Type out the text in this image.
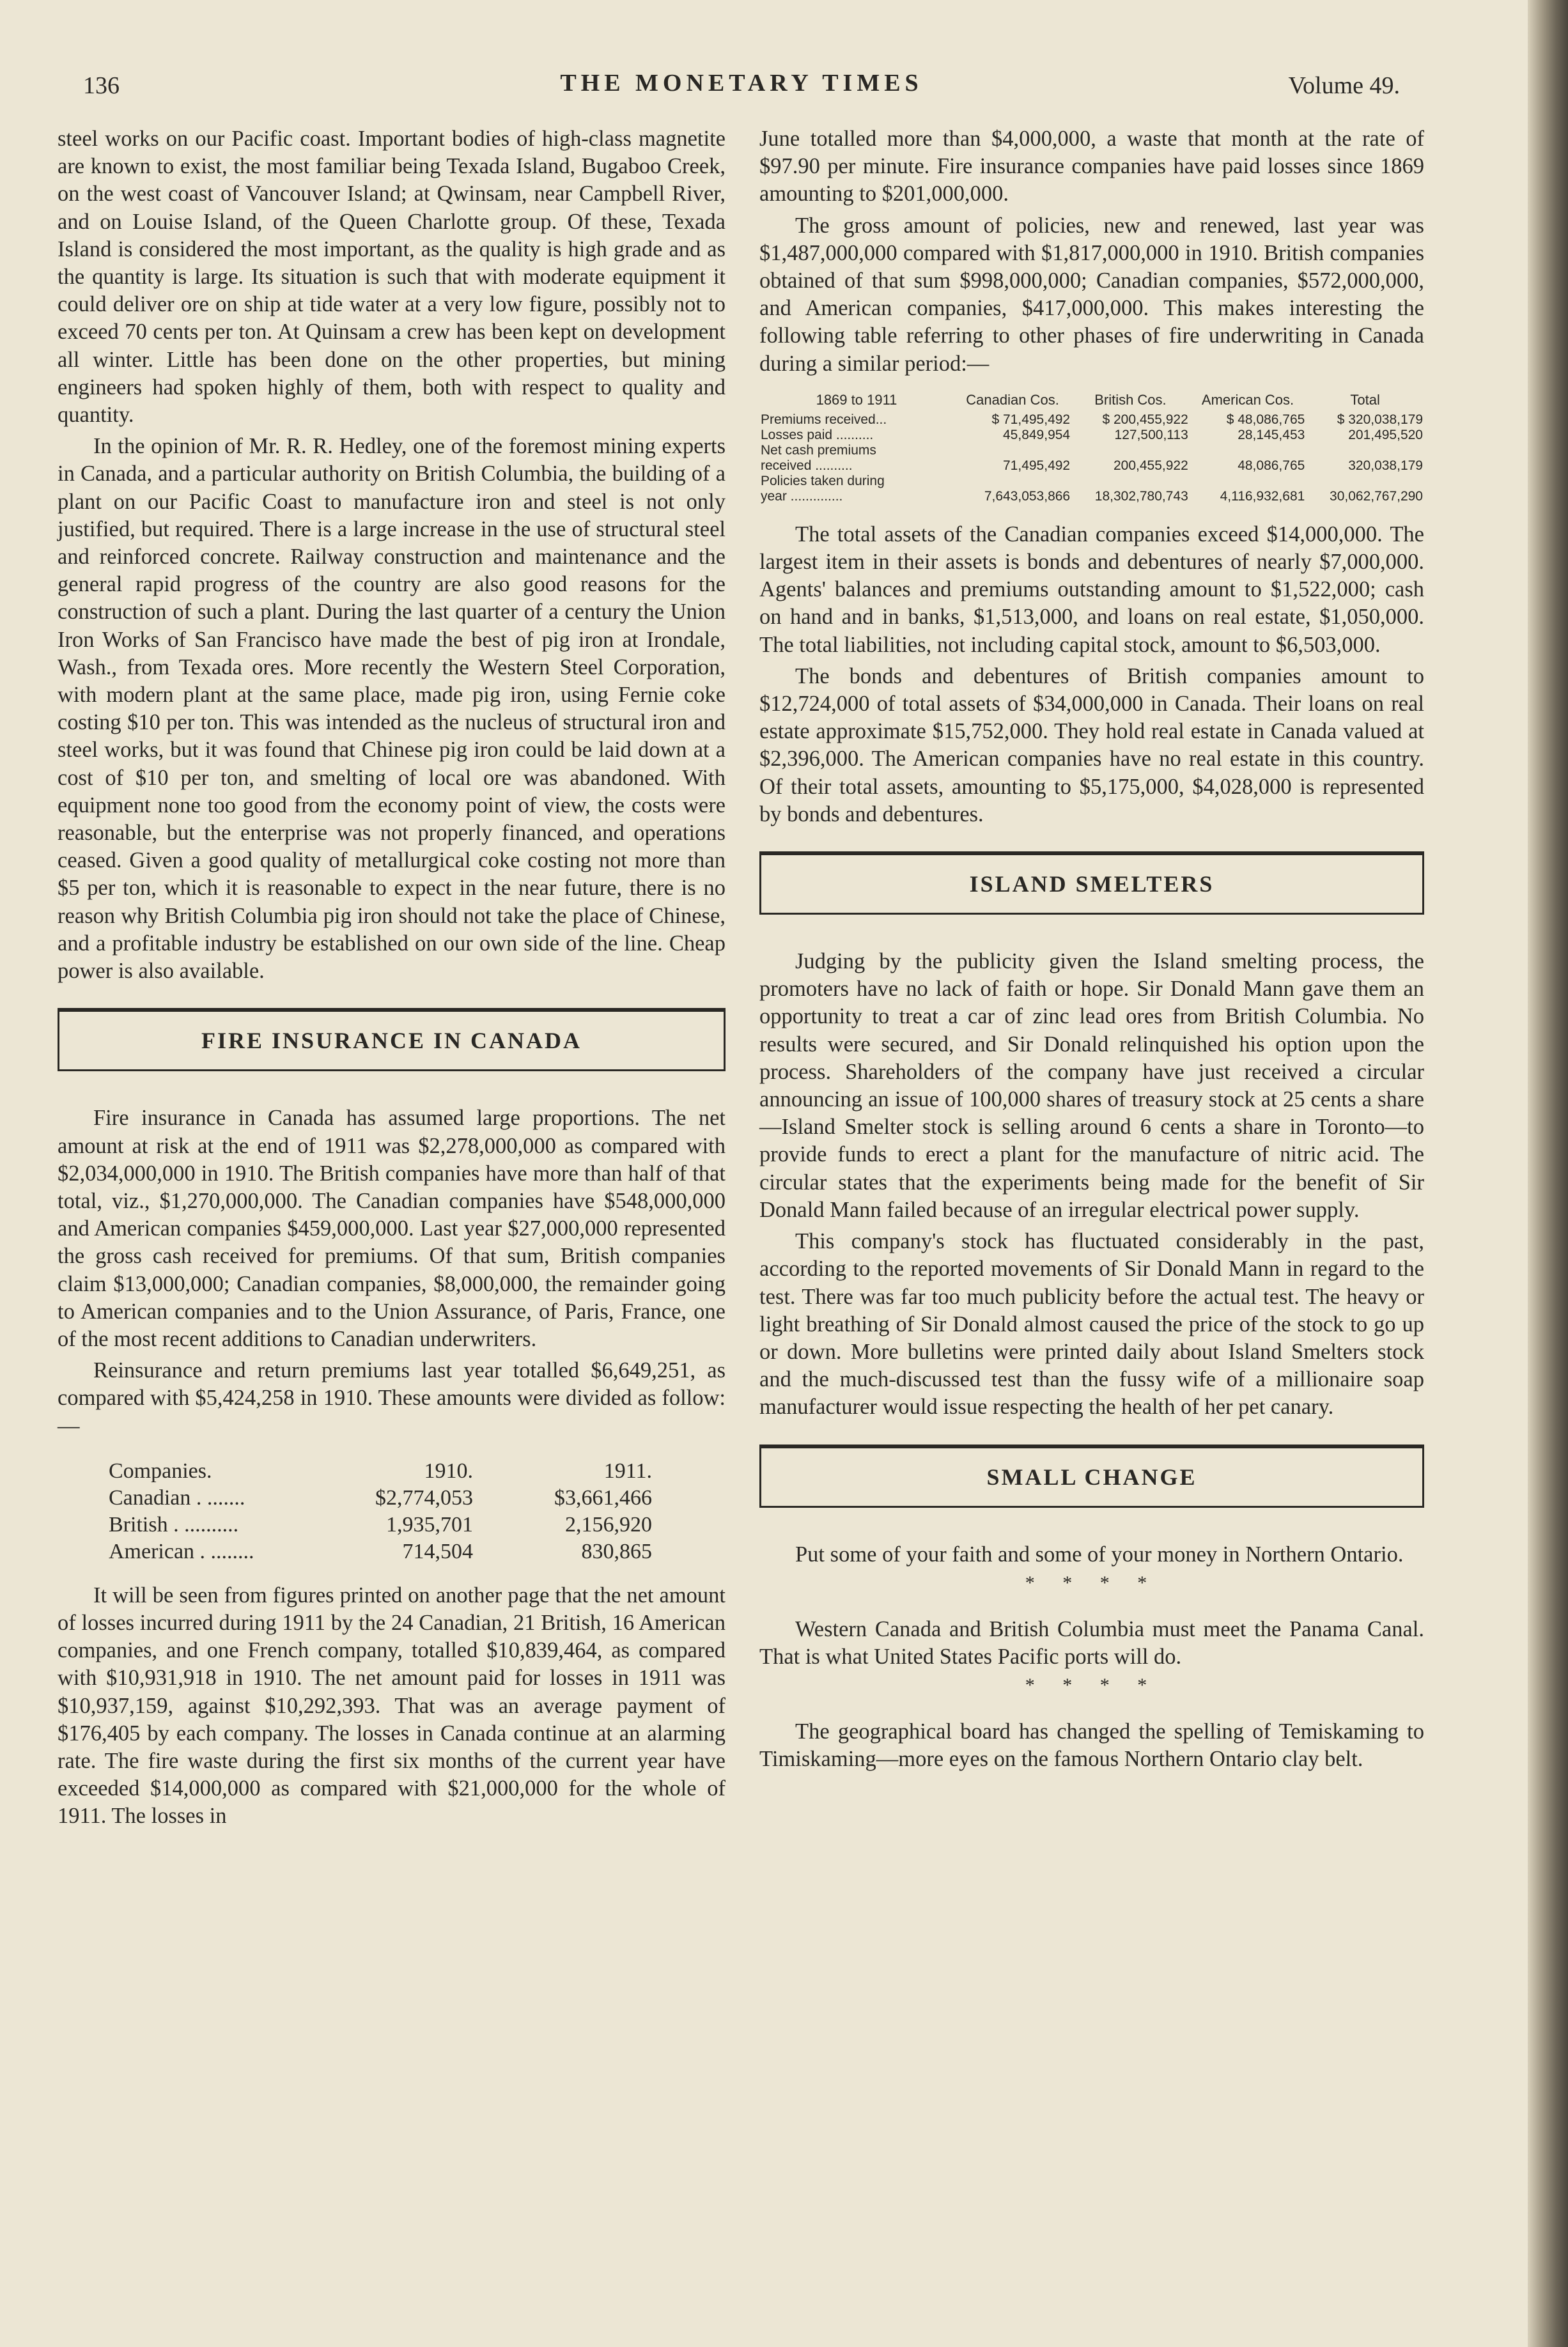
136	THE MONETARY TIMES	Volume 49.

steel works on our Pacific coast. Important bodies of high-class magnetite are known to exist, the most familiar being Texada Island, Bugaboo Creek, on the west coast of Vancouver Island; at Qwinsam, near Campbell River, and on Louise Island, of the Queen Charlotte group. Of these, Texada Island is considered the most important, as the quality is high grade and as the quantity is large. Its situation is such that with moderate equipment it could deliver ore on ship at tide water at a very low figure, possibly not to exceed 70 cents per ton. At Quinsam a crew has been kept on development all winter. Little has been done on the other properties, but mining engineers had spoken highly of them, both with respect to quality and quantity.

In the opinion of Mr. R. R. Hedley, one of the foremost mining experts in Canada, and a particular authority on British Columbia, the building of a plant on our Pacific Coast to manufacture iron and steel is not only justified, but required. There is a large increase in the use of structural steel and reinforced concrete. Railway construction and maintenance and the general rapid progress of the country are also good reasons for the construction of such a plant. During the last quarter of a century the Union Iron Works of San Francisco have made the best of pig iron at Irondale, Wash., from Texada ores. More recently the Western Steel Corporation, with modern plant at the same place, made pig iron, using Fernie coke costing $10 per ton. This was intended as the nucleus of structural iron and steel works, but it was found that Chinese pig iron could be laid down at a cost of $10 per ton, and smelting of local ore was abandoned. With equipment none too good from the economy point of view, the costs were reasonable, but the enterprise was not properly financed, and operations ceased. Given a good quality of metallurgical coke costing not more than $5 per ton, which it is reasonable to expect in the near future, there is no reason why British Columbia pig iron should not take the place of Chinese, and a profitable industry be established on our own side of the line. Cheap power is also available.

FIRE INSURANCE IN CANADA

Fire insurance in Canada has assumed large proportions. The net amount at risk at the end of 1911 was $2,278,000,000 as compared with $2,034,000,000 in 1910. The British companies have more than half of that total, viz., $1,270,000,000. The Canadian companies have $548,000,000 and American companies $459,000,000. Last year $27,000,000 represented the gross cash received for premiums. Of that sum, British companies claim $13,000,000; Canadian companies, $8,000,000, the remainder going to American companies and to the Union Assurance, of Paris, France, one of the most recent additions to Canadian underwriters.

Reinsurance and return premiums last year totalled $6,649,251, as compared with $5,424,258 in 1910. These amounts were divided as follow:—

Companies.	1910.	1911.
Canadian . .......	$2,774,053	$3,661,466
British . ..........	1,935,701	2,156,920
American . ........	714,504	830,865

It will be seen from figures printed on another page that the net amount of losses incurred during 1911 by the 24 Canadian, 21 British, 16 American companies, and one French company, totalled $10,839,464, as compared with $10,931,918 in 1910. The net amount paid for losses in 1911 was $10,937,159, against $10,292,393. That was an average payment of $176,405 by each company. The losses in Canada continue at an alarming rate. The fire waste during the first six months of the current year have exceeded $14,000,000 as compared with $21,000,000 for the whole of 1911. The losses in

June totalled more than $4,000,000, a waste that month at the rate of $97.90 per minute. Fire insurance companies have paid losses since 1869 amounting to $201,000,000.

The gross amount of policies, new and renewed, last year was $1,487,000,000 compared with $1,817,000,000 in 1910. British companies obtained of that sum $998,000,000; Canadian companies, $572,000,000, and American companies, $417,000,000. This makes interesting the following table referring to other phases of fire underwriting in Canada during a similar period:—

1869 to 1911	Canadian Cos.	British Cos.	American Cos.	Total
Premiums received...	$ 71,495,492	$ 200,455,922	$ 48,086,765	$ 320,038,179
Losses paid ..........	45,849,954	127,500,113	28,145,453	201,495,520
Net cash premiums				
received ..........	71,495,492	200,455,922	48,086,765	320,038,179
Policies taken during				
year ..............	7,643,053,866	18,302,780,743	4,116,932,681	30,062,767,290

The total assets of the Canadian companies exceed $14,000,000. The largest item in their assets is bonds and debentures of nearly $7,000,000. Agents' balances and premiums outstanding amount to $1,522,000; cash on hand and in banks, $1,513,000, and loans on real estate, $1,050,000. The total liabilities, not including capital stock, amount to $6,503,000.

The bonds and debentures of British companies amount to $12,724,000 of total assets of $34,000,000 in Canada. Their loans on real estate approximate $15,752,000. They hold real estate in Canada valued at $2,396,000. The American companies have no real estate in this country. Of their total assets, amounting to $5,175,000, $4,028,000 is represented by bonds and debentures.

ISLAND SMELTERS

Judging by the publicity given the Island smelting process, the promoters have no lack of faith or hope. Sir Donald Mann gave them an opportunity to treat a car of zinc lead ores from British Columbia. No results were secured, and Sir Donald relinquished his option upon the process. Shareholders of the company have just received a circular announcing an issue of 100,000 shares of treasury stock at 25 cents a share—Island Smelter stock is selling around 6 cents a share in Toronto—to provide funds to erect a plant for the manufacture of nitric acid. The circular states that the experiments being made for the benefit of Sir Donald Mann failed because of an irregular electrical power supply.

This company's stock has fluctuated considerably in the past, according to the reported movements of Sir Donald Mann in regard to the test. There was far too much publicity before the actual test. The heavy or light breathing of Sir Donald almost caused the price of the stock to go up or down. More bulletins were printed daily about Island Smelters stock and the much-discussed test than the fussy wife of a millionaire soap manufacturer would issue respecting the health of her pet canary.

SMALL CHANGE

Put some of your faith and some of your money in Northern Ontario.

* * * *

Western Canada and British Columbia must meet the Panama Canal. That is what United States Pacific ports will do.

* * * *

The geographical board has changed the spelling of Temiskaming to Timiskaming—more eyes on the famous Northern Ontario clay belt.
